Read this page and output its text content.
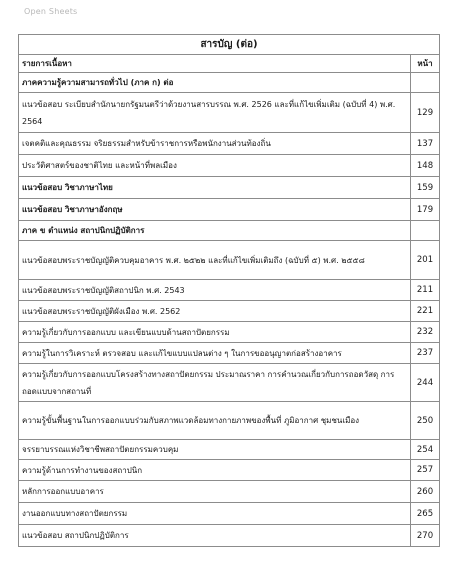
Open Sheets
สารบัญ (ต่อ)	
รายการเนื้อหา	หน้า
ภาคความรู้ความสามารถทั่วไป (ภาค ก) ต่อ	
แนวข้อสอบ ระเบียบสำนักนายกรัฐมนตรีว่าด้วยงานสารบรรณ พ.ศ. 2526 และที่แก้ไขเพิ่มเติม (ฉบับที่ 4) พ.ศ. 2564	129
เจตคติและคุณธรรม จริยธรรมสำหรับข้าราชการหรือพนักงานส่วนท้องถิ่น	137
ประวัติศาสตร์ของชาติไทย และหน้าที่พลเมือง	148
แนวข้อสอบ วิชาภาษาไทย	159
แนวข้อสอบ วิชาภาษาอังกฤษ	179
ภาค ข ตำแหน่ง สถาปนิกปฏิบัติการ	
แนวข้อสอบพระราชบัญญัติควบคุมอาคาร พ.ศ. ๒๕๒๒ และที่แก้ไขเพิ่มเติมถึง (ฉบับที่ ๕) พ.ศ. ๒๕๕๘	201
แนวข้อสอบพระราชบัญญัติสถาปนิก พ.ศ. 2543	211
แนวข้อสอบพระราชบัญญัติผังเมือง พ.ศ. 2562	221
ความรู้เกี่ยวกับการออกแบบ และเขียนแบบด้านสถาปัตยกรรม	232
ความรู้ในการวิเคราะห์ ตรวจสอบ และแก้ไขแบบแปลนต่าง ๆ ในการขออนุญาตก่อสร้างอาคาร	237
ความรู้เกี่ยวกับการออกแบบโครงสร้างทางสถาปัตยกรรม ประมาณราคา การคำนวณเกี่ยวกับการถอดวัสดุ การถอดแบบจากสถานที่	244
ความรู้ขั้นพื้นฐานในการออกแบบร่วมกับสภาพแวดล้อมทางกายภาพของพื้นที่ ภูมิอากาศ ชุมชนเมือง	250
จรรยาบรรณแห่งวิชาชีพสถาปัตยกรรมควบคุม	254
ความรู้ด้านการทำงานของสถาปนิก	257
หลักการออกแบบอาคาร	260
งานออกแบบทางสถาปัตยกรรม	265
แนวข้อสอบ สถาปนิกปฏิบัติการ	270
